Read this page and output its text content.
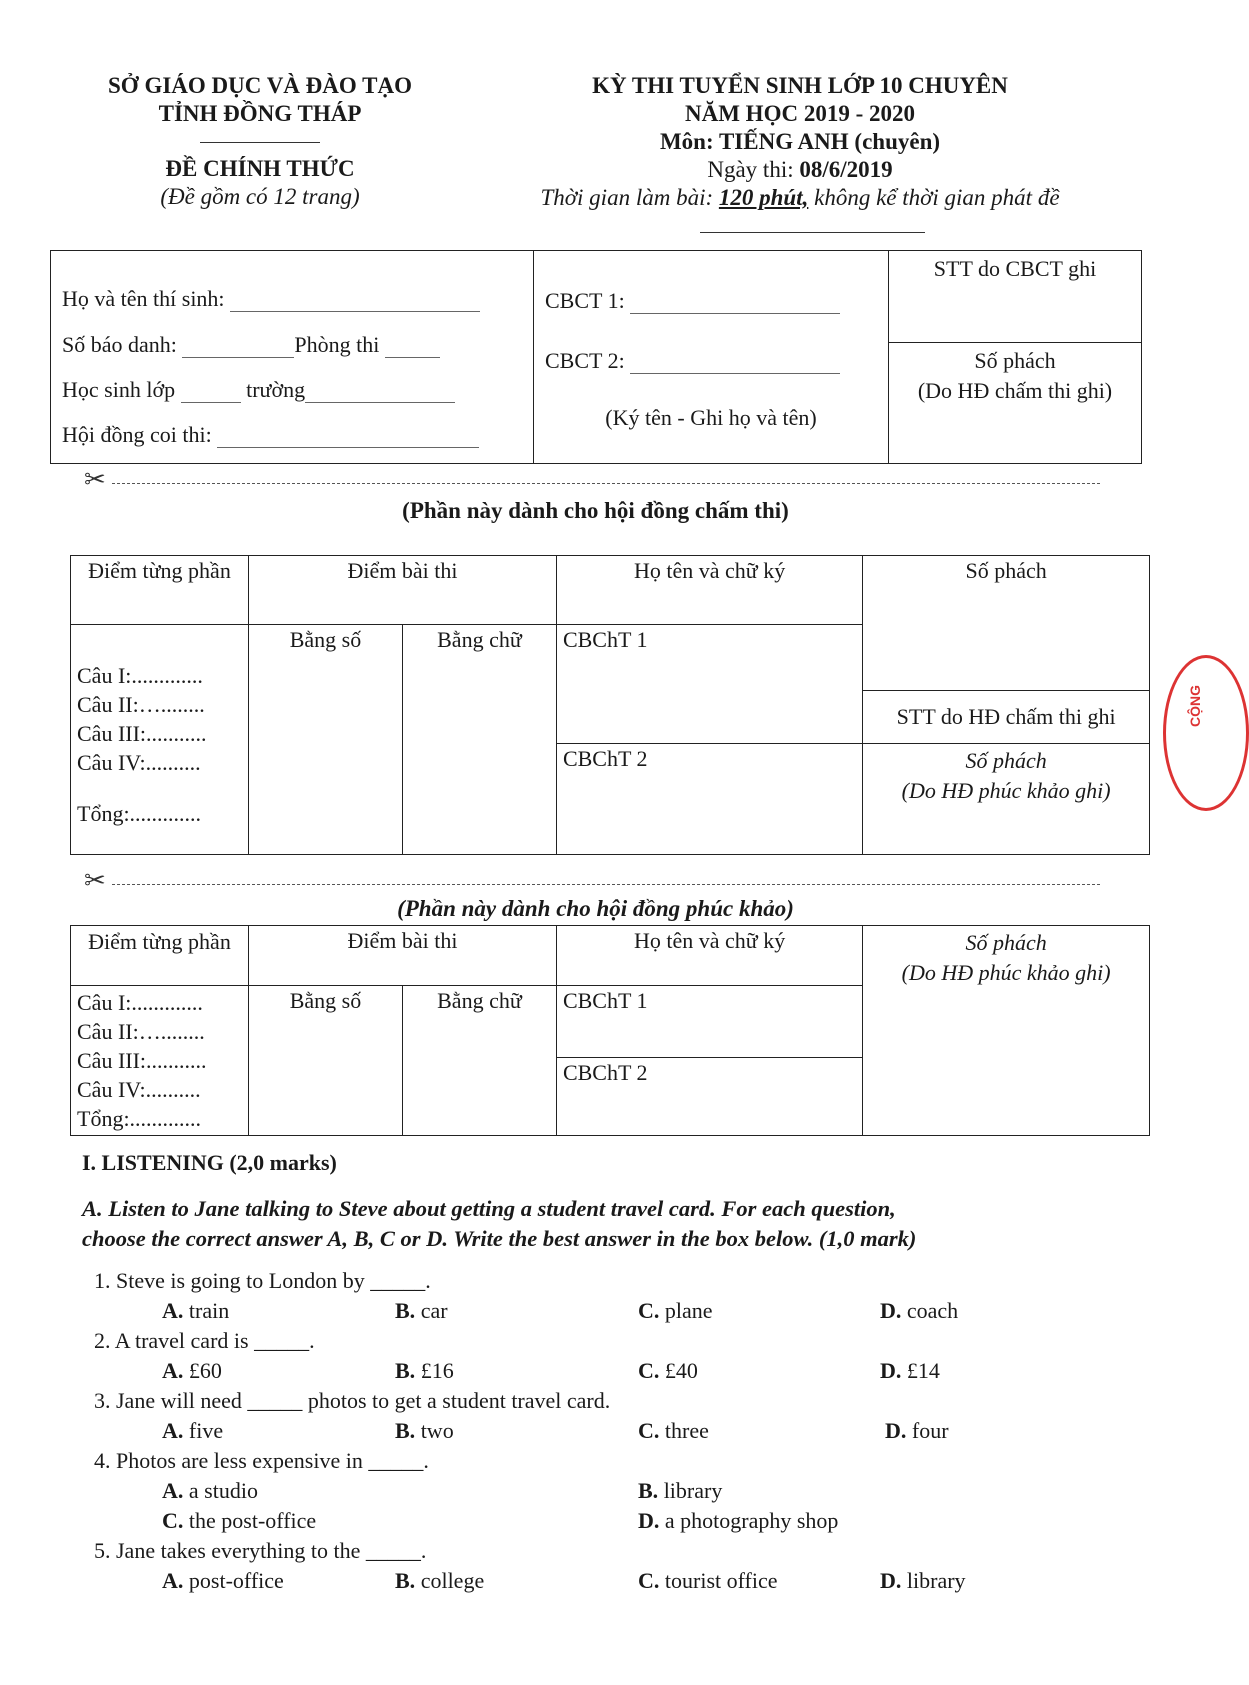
SỞ GIÁO DỤC VÀ ĐÀO TẠO
TỈNH ĐỒNG THÁP
ĐỀ CHÍNH THỨC
(Đề gồm có 12 trang)
KỲ THI TUYỂN SINH LỚP 10 CHUYÊN
NĂM HỌC 2019 - 2020
Môn: TIẾNG ANH (chuyên)
Ngày thi: 08/6/2019
Thời gian làm bài: 120 phút, không kể thời gian phát đề
Họ và tên thí sinh:
Số báo danh:	Phòng thi
Học sinh lớp	trường
Hội đồng coi thi:
CBCT 1:
CBCT 2:
(Ký tên - Ghi họ và tên)
STT do CBCT ghi
Số phách
(Do HĐ chấm thi ghi)
✂
(Phần này dành cho hội đồng chấm thi)
Điểm từng phần	Điểm bài thi		Họ tên và chữ ký	Số phách

Câu I:.............
Câu II:…........
Câu III:...........
Câu IV:..........
Tổng:.............	Bằng số	Bằng chữ	CBChT 1	
				STT do HĐ chấm thi ghi
			CBChT 2	Số phách
(Do HĐ phúc khảo ghi)

CỘNG
✂
(Phần này dành cho hội đồng phúc khảo)
Điểm từng phần	Điểm bài thi		Họ tên và chữ ký	Số phách
(Do HĐ phúc khảo ghi)

Câu I:.............
Câu II:…........
Câu III:...........
Câu IV:..........
Tổng:.............	Bằng số	Bằng chữ	CBChT 1	
			CBChT 2	
I. LISTENING (2,0 marks)
A. Listen to Jane talking to Steve about getting a student travel card. For each question,
choose the correct answer A, B, C or D. Write the best answer in the box below. (1,0 mark)
1. Steve is going to London by _____.
A. train	B. car	C. plane	D. coach
2. A travel card is _____.
A. £60	B. £16	C. £40	D. £14
3. Jane will need _____ photos to get a student travel card.
A. five	B. two	C. three	D. four
4. Photos are less expensive in _____.
A. a studio	B. library
C. the post-office	D. a photography shop
5. Jane takes everything to the _____.
A. post-office	B. college	C. tourist office	D. library
